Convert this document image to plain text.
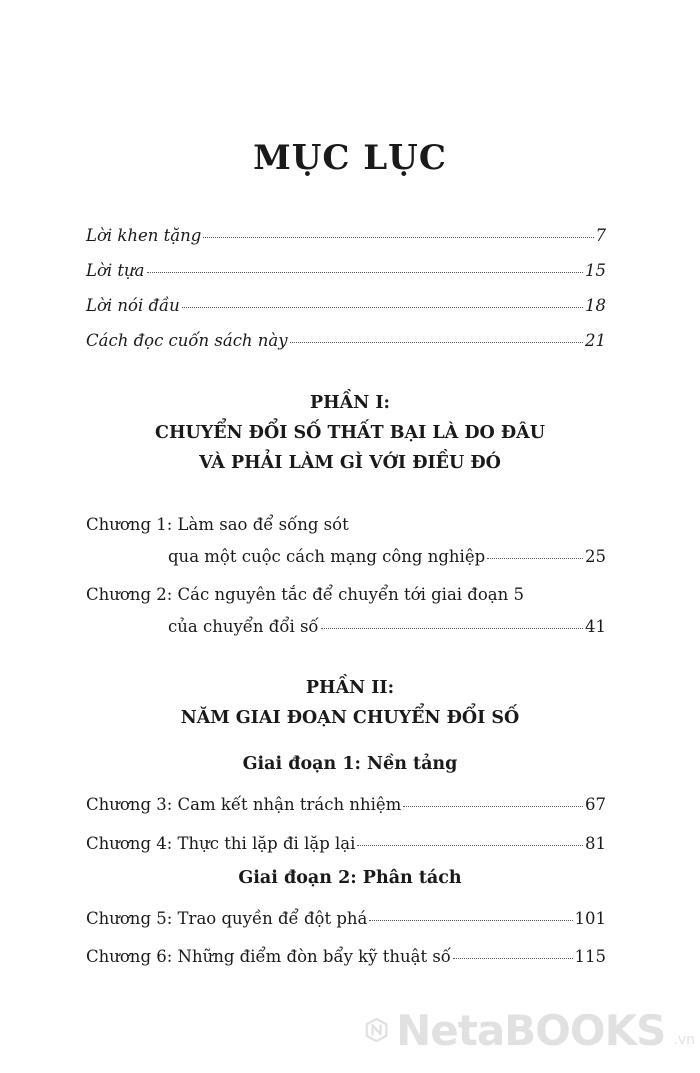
MỤC LỤC
Lời khen tặng	7
Lời tựa	15
Lời nói đầu	18
Cách đọc cuốn sách này	21
PHẦN I:
CHUYỂN ĐỔI SỐ THẤT BẠI LÀ DO ĐÂU
VÀ PHẢI LÀM GÌ VỚI ĐIỀU ĐÓ
Chương 1: Làm sao để sống sót
qua một cuộc cách mạng công nghiệp	25
Chương 2: Các nguyên tắc để chuyển tới giai đoạn 5
của chuyển đổi số	41
PHẦN II:
NĂM GIAI ĐOẠN CHUYỂN ĐỔI SỐ
Giai đoạn 1: Nền tảng
Chương 3: Cam kết nhận trách nhiệm	67
Chương 4: Thực thi lặp đi lặp lại	81
Giai đoạn 2: Phân tách
Chương 5: Trao quyền để đột phá	101
Chương 6: Những điểm đòn bẩy kỹ thuật số	115
NetaBOOKS .vn
